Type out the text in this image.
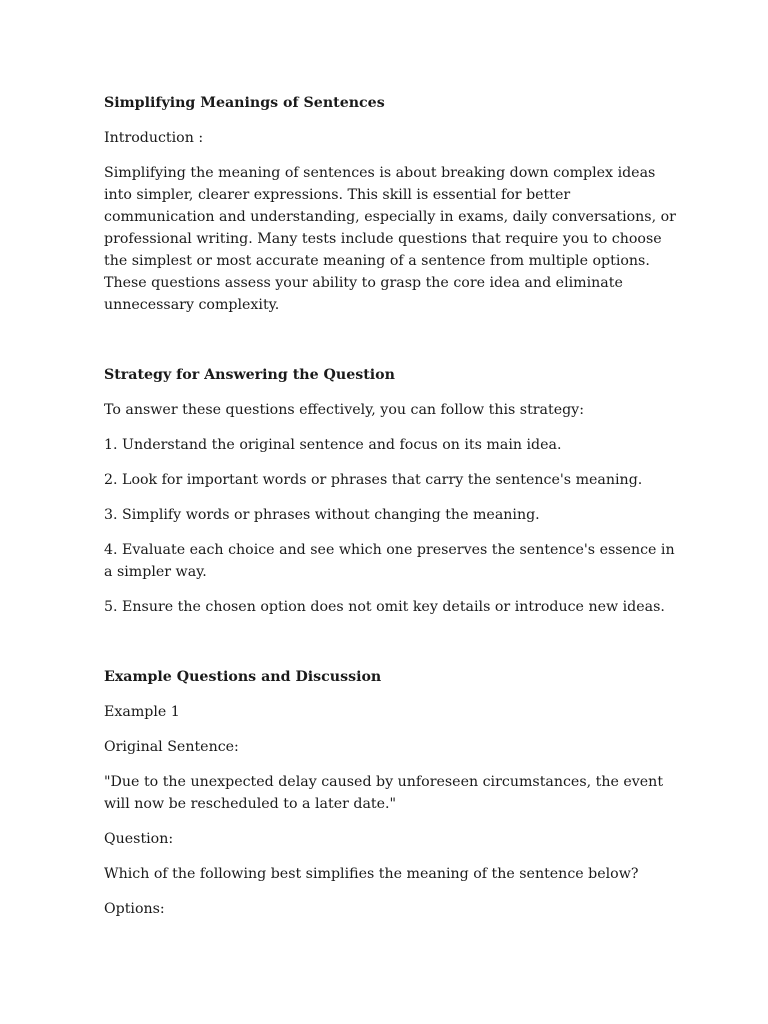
Simplifying Meanings of Sentences

Introduction :

Simplifying the meaning of sentences is about breaking down complex ideas into simpler, clearer expressions. This skill is essential for better communication and understanding, especially in exams, daily conversations, or professional writing. Many tests include questions that require you to choose the simplest or most accurate meaning of a sentence from multiple options. These questions assess your ability to grasp the core idea and eliminate unnecessary complexity.

Strategy for Answering the Question

To answer these questions effectively, you can follow this strategy:

1. Understand the original sentence and focus on its main idea.

2. Look for important words or phrases that carry the sentence's meaning.

3. Simplify words or phrases without changing the meaning.

4. Evaluate each choice and see which one preserves the sentence's essence in a simpler way.

5. Ensure the chosen option does not omit key details or introduce new ideas.

Example Questions and Discussion

Example 1

Original Sentence:

"Due to the unexpected delay caused by unforeseen circumstances, the event will now be rescheduled to a later date."

Question:

Which of the following best simplifies the meaning of the sentence below?

Options:
